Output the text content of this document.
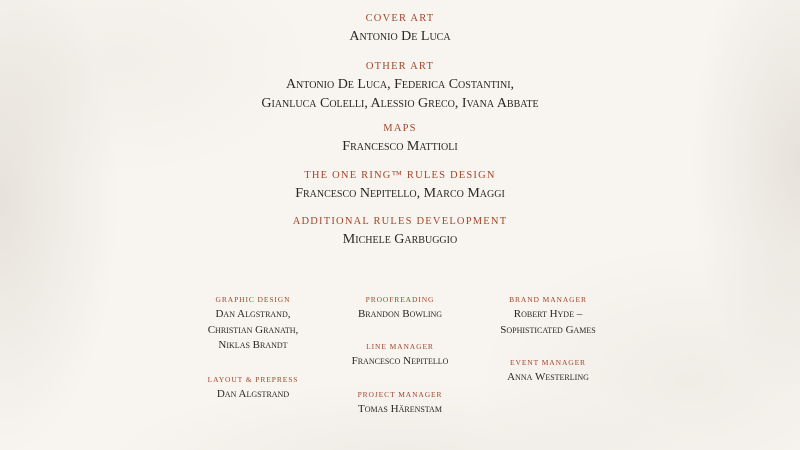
COVER ART
Antonio De Luca
OTHER ART
Antonio De Luca, Federica Costantini,
Gianluca Colelli, Alessio Greco, Ivana Abbate
MAPS
Francesco Mattioli
THE ONE RING™ RULES DESIGN
Francesco Nepitello, Marco Maggi
ADDITIONAL RULES DEVELOPMENT
Michele Garbuggio
GRAPHIC DESIGN
Dan Algstrand,
Christian Granath,
Niklas Brandt
LAYOUT & PREPRESS
Dan Algstrand
PROOFREADING
Brandon Bowling
LINE MANAGER
Francesco Nepitello
PROJECT MANAGER
Tomas Härenstam
BRAND MANAGER
Robert Hyde –
Sophisticated Games
EVENT MANAGER
Anna Westerling
